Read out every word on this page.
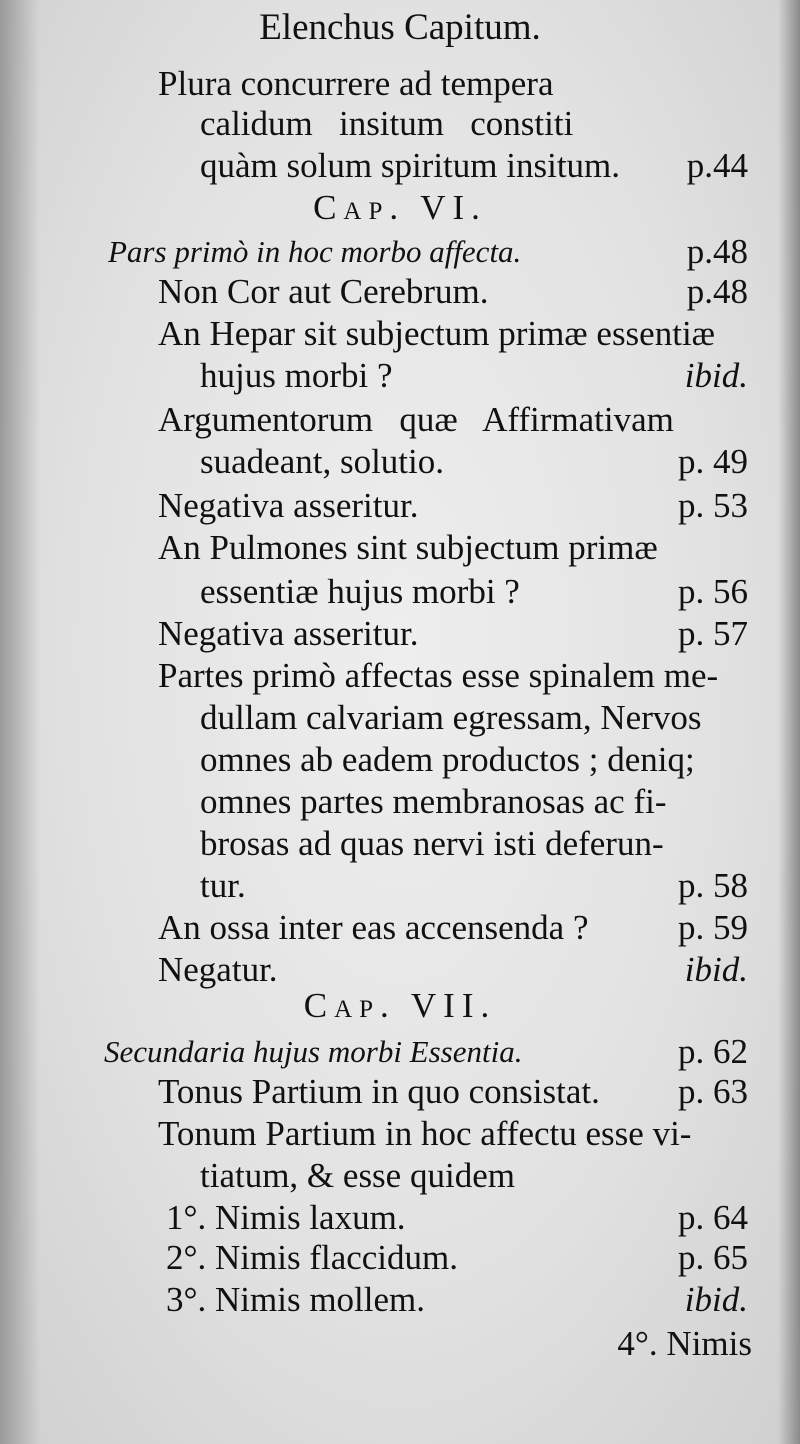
Elenchus Capitum.
Plura concurrere ad tempera
calidum   insitum   constiti
quàm solum spiritum insitum. p.44
Cap. VI.
Pars primò in hoc morbo affecta.	p.48
Non Cor aut Cerebrum.	p.48
An Hepar sit subjectum primæ essentiæ
hujus morbi ?	ibid.
Argumentorum   quæ   Affirmativam
suadeant, solutio.	p. 49
Negativa asseritur.	p. 53
An Pulmones sint subjectum primæ
essentiæ hujus morbi ?	p. 56
Negativa asseritur.	p. 57
Partes primò affectas esse spinalem me-
dullam calvariam egressam, Nervos
omnes ab eadem productos ; deniq;
omnes partes membranosas ac fi-
brosas ad quas nervi isti deferun-
tur.	p. 58
An ossa inter eas accensenda ?	p. 59
Negatur.	ibid.
Cap. VII.
Secundaria hujus morbi Essentia.	p. 62
Tonus Partium in quo consistat. p. 63
Tonum Partium in hoc affectu esse vi-
tiatum, & esse quidem
1°. Nimis laxum.	p. 64
2°. Nimis flaccidum.	p. 65
3°. Nimis mollem.	ibid.
4°. Nimis
